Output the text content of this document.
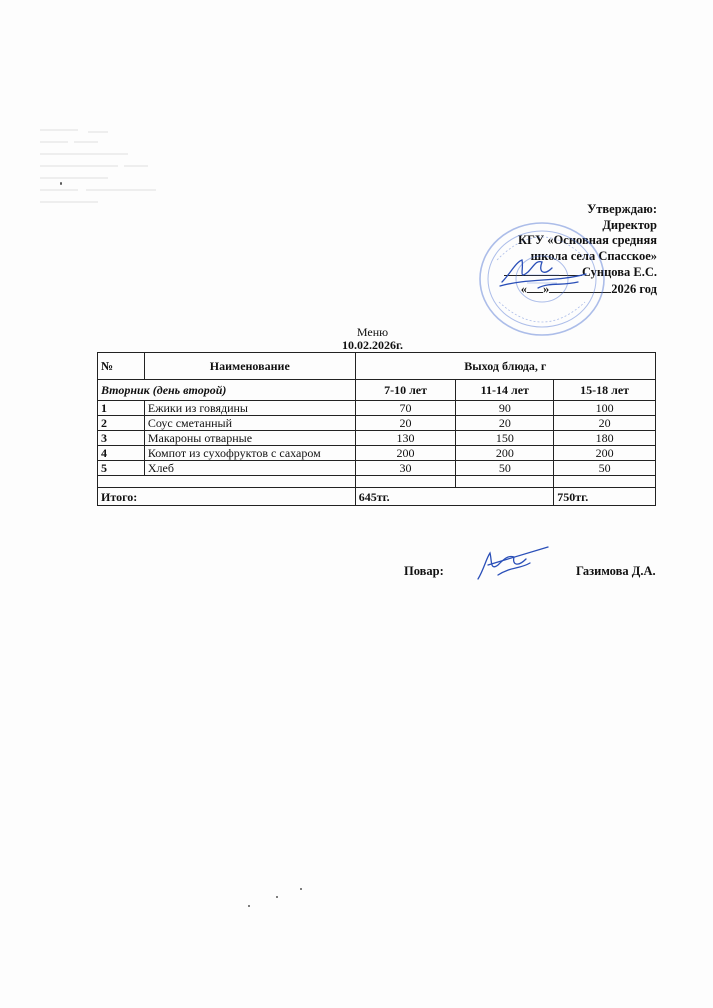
Утверждаю:
Директор
КГУ «Основная средняя
школа села Спасское»
Сунцова Е.С.
« »	2026 год
Меню
10.02.2026г.
№	Наименование	Выход блюда, г		
Вторник (день второй)		7-10 лет	11-14 лет	15-18 лет
1	Ежики из говядины	70	90	100
2	Соус сметанный	20	20	20
3	Макароны отварные	130	150	180
4	Компот из сухофруктов с сахаром	200	200	200
5	Хлеб	30	50	50

Итого:		645тг.		750тг.
Повар:	Газимова Д.А.
